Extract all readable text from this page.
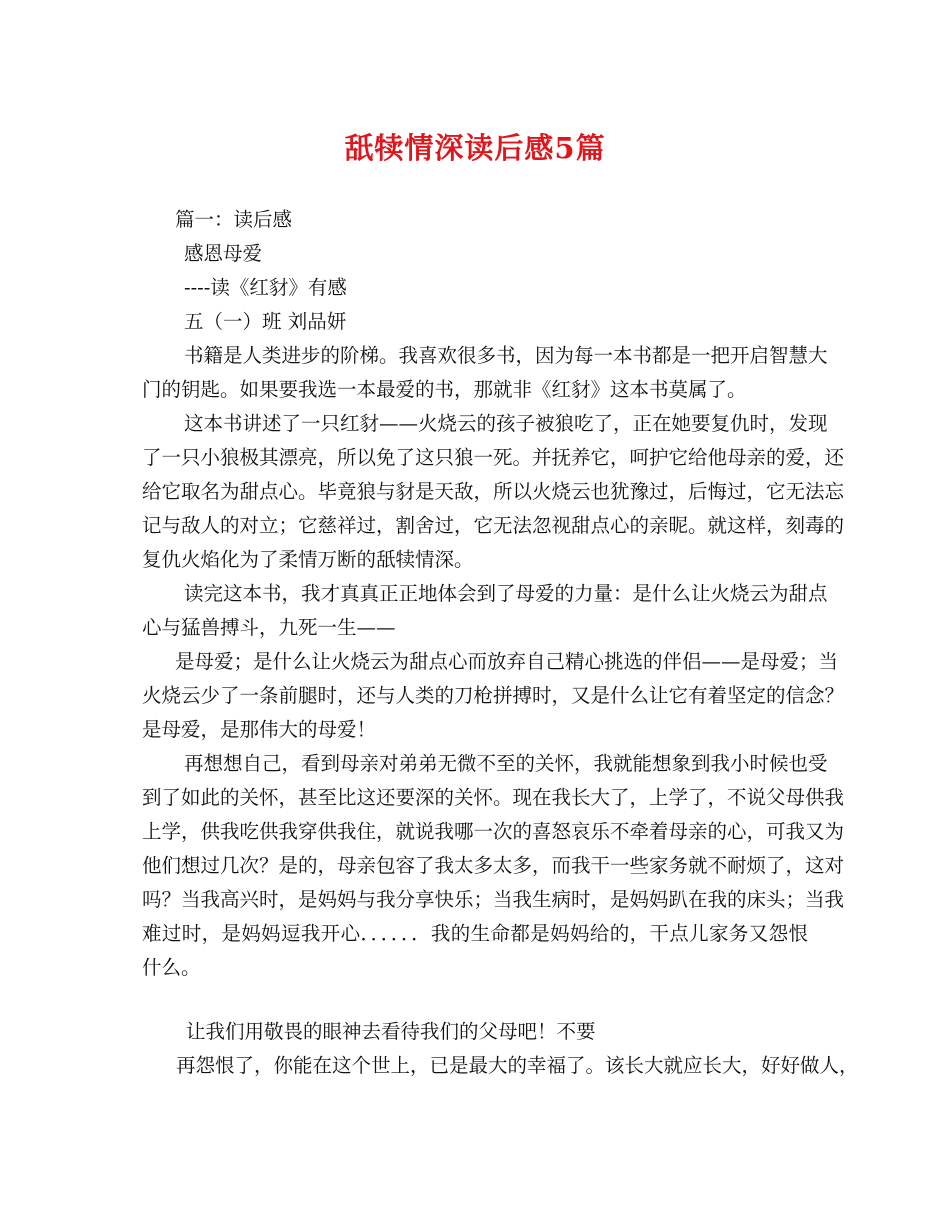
舐犊情深读后感5篇

篇一：读后感

感恩母爱

----读《红豺》有感

五（一）班 刘品妍

书籍是人类进步的阶梯。我喜欢很多书，因为每一本书都是一把开启智慧大

门的钥匙。如果要我选一本最爱的书，那就非《红豺》这本书莫属了。

这本书讲述了一只红豺——火烧云的孩子被狼吃了，正在她要复仇时，发现

了一只小狼极其漂亮，所以免了这只狼一死。并抚养它，呵护它给他母亲的爱，还

给它取名为甜点心。毕竟狼与豺是天敌，所以火烧云也犹豫过，后悔过，它无法忘

记与敌人的对立；它慈祥过，割舍过，它无法忽视甜点心的亲昵。就这样，刻毒的

复仇火焰化为了柔情万断的舐犊情深。

读完这本书，我才真真正正地体会到了母爱的力量：是什么让火烧云为甜点

心与猛兽搏斗，九死一生——

是母爱；是什么让火烧云为甜点心而放弃自己精心挑选的伴侣——是母爱；当

火烧云少了一条前腿时，还与人类的刀枪拼搏时，又是什么让它有着坚定的信念？

是母爱，是那伟大的母爱！

再想想自己，看到母亲对弟弟无微不至的关怀，我就能想象到我小时候也受

到了如此的关怀，甚至比这还要深的关怀。现在我长大了，上学了，不说父母供我

上学，供我吃供我穿供我住，就说我哪一次的喜怒哀乐不牵着母亲的心，可我又为

他们想过几次？是的，母亲包容了我太多太多，而我干一些家务就不耐烦了，这对

吗？当我高兴时，是妈妈与我分享快乐；当我生病时，是妈妈趴在我的床头；当我

难过时，是妈妈逗我开心．．．．．．我的生命都是妈妈给的，干点儿家务又怨恨

什么。

让我们用敬畏的眼神去看待我们的父母吧！不要

再怨恨了，你能在这个世上，已是最大的幸福了。该长大就应长大，好好做人，
